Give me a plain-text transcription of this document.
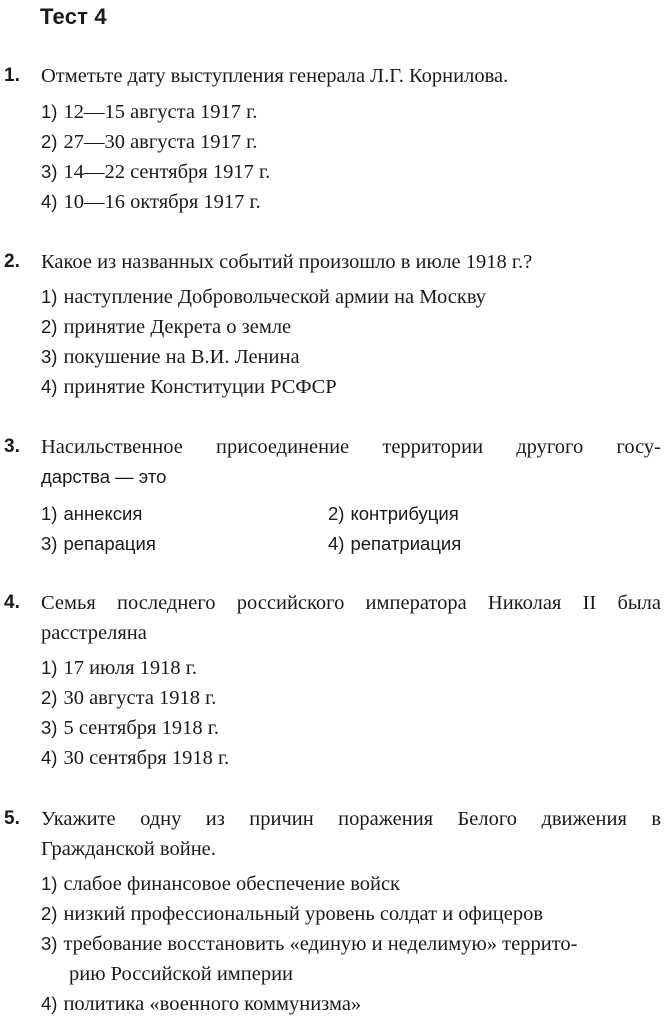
Тест 4
1. Отметьте дату выступления генерала Л.Г. Корнилова.
1) 12—15 августа 1917 г.
2) 27—30 августа 1917 г.
3) 14—22 сентября 1917 г.
4) 10—16 октября 1917 г.
2. Какое из названных событий произошло в июле 1918 г.?
1) наступление Добровольческой армии на Москву
2) принятие Декрета о земле
3) покушение на В.И. Ленина
4) принятие Конституции РСФСР
3. Насильственное присоединение территории другого госу-
дарства — это
1) аннексия	2) контрибуция
3) репарация	4) репатриация
4. Семья последнего российского императора Николая II была
расстреляна
1) 17 июля 1918 г.
2) 30 августа 1918 г.
3) 5 сентября 1918 г.
4) 30 сентября 1918 г.
5. Укажите одну из причин поражения Белого движения в
Гражданской войне.
1) слабое финансовое обеспечение войск
2) низкий профессиональный уровень солдат и офицеров
3) требование восстановить «единую и неделимую» террито-
рию Российской империи
4) политика «военного коммунизма»
